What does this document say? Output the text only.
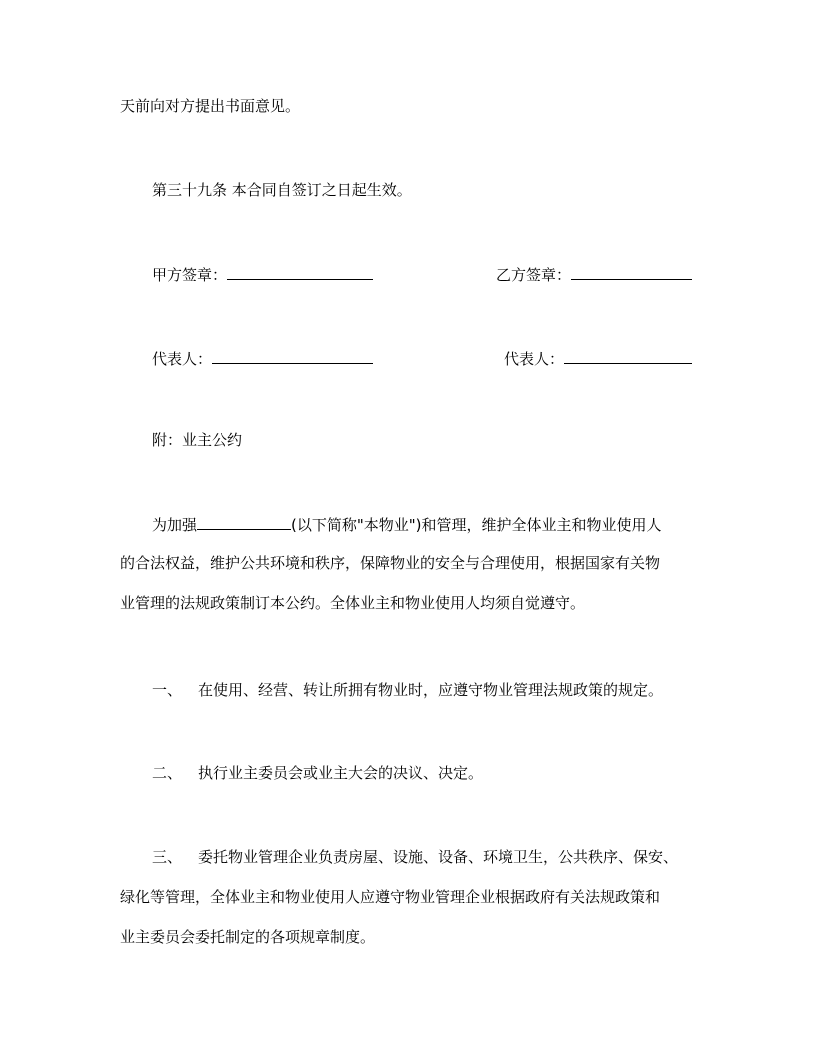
天前向对方提出书面意见。

第三十九条 本合同自签订之日起生效。

甲方签章：	乙方签章：
代表人：	代表人：

附：业主公约

为加强	(以下简称"本物业")和管理，维护全体业主和物业使用人
的合法权益，维护公共环境和秩序，保障物业的安全与合理使用，根据国家有关物
业管理的法规政策制订本公约。全体业主和物业使用人均须自觉遵守。

一、 在使用、经营、转让所拥有物业时，应遵守物业管理法规政策的规定。

二、 执行业主委员会或业主大会的决议、决定。

三、 委托物业管理企业负责房屋、设施、设备、环境卫生，公共秩序、保安、
绿化等管理，全体业主和物业使用人应遵守物业管理企业根据政府有关法规政策和
业主委员会委托制定的各项规章制度。
